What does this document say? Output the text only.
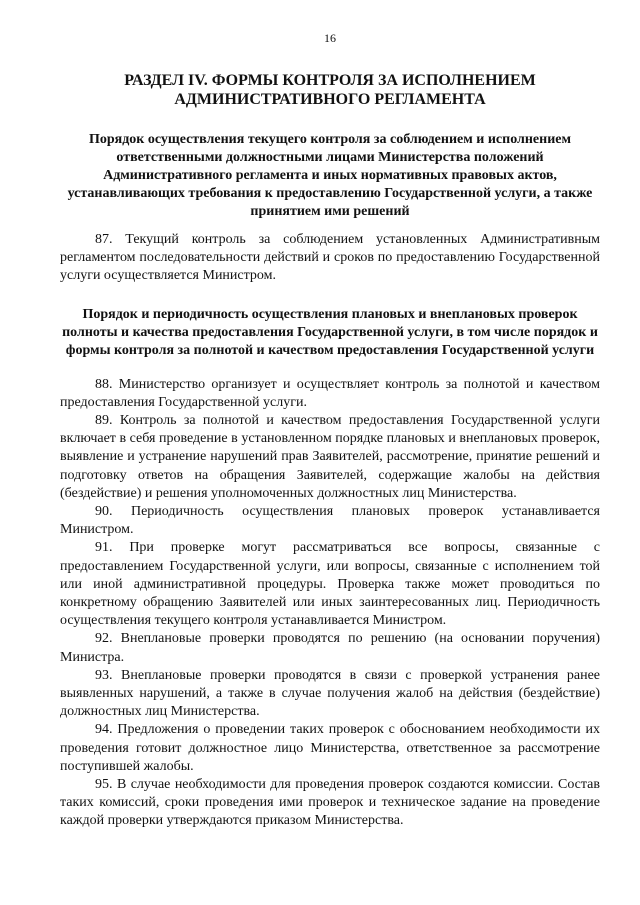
16
РАЗДЕЛ IV. ФОРМЫ КОНТРОЛЯ ЗА ИСПОЛНЕНИЕМ
АДМИНИСТРАТИВНОГО РЕГЛАМЕНТА
Порядок осуществления текущего контроля за соблюдением и исполнением ответственными должностными лицами Министерства положений Административного регламента и иных нормативных правовых актов, устанавливающих требования к предоставлению Государственной услуги, а также принятием ими решений

87. Текущий контроль за соблюдением установленных Административным регламентом последовательности действий и сроков по предоставлению Государственной услуги осуществляется Министром.

Порядок и периодичность осуществления плановых и внеплановых проверок полноты и качества предоставления Государственной услуги, в том числе порядок и формы контроля за полнотой и качеством предоставления Государственной услуги

88. Министерство организует и осуществляет контроль за полнотой и качеством предоставления Государственной услуги.

89. Контроль за полнотой и качеством предоставления Государственной услуги включает в себя проведение в установленном порядке плановых и внеплановых проверок, выявление и устранение нарушений прав Заявителей, рассмотрение, принятие решений и подготовку ответов на обращения Заявителей, содержащие жалобы на действия (бездействие) и решения уполномоченных должностных лиц Министерства.

90. Периодичность осуществления плановых проверок устанавливается Министром.

91. При проверке могут рассматриваться все вопросы, связанные с предоставлением Государственной услуги, или вопросы, связанные с исполнением той или иной административной процедуры. Проверка также может проводиться по конкретному обращению Заявителей или иных заинтересованных лиц. Периодичность осуществления текущего контроля устанавливается Министром.

92. Внеплановые проверки проводятся по решению (на основании поручения) Министра.

93. Внеплановые проверки проводятся в связи с проверкой устранения ранее выявленных нарушений, а также в случае получения жалоб на действия (бездействие) должностных лиц Министерства.

94. Предложения о проведении таких проверок с обоснованием необходимости их проведения готовит должностное лицо Министерства, ответственное за рассмотрение поступившей жалобы.

95. В случае необходимости для проведения проверок создаются комиссии. Состав таких комиссий, сроки проведения ими проверок и техническое задание на проведение каждой проверки утверждаются приказом Министерства.
